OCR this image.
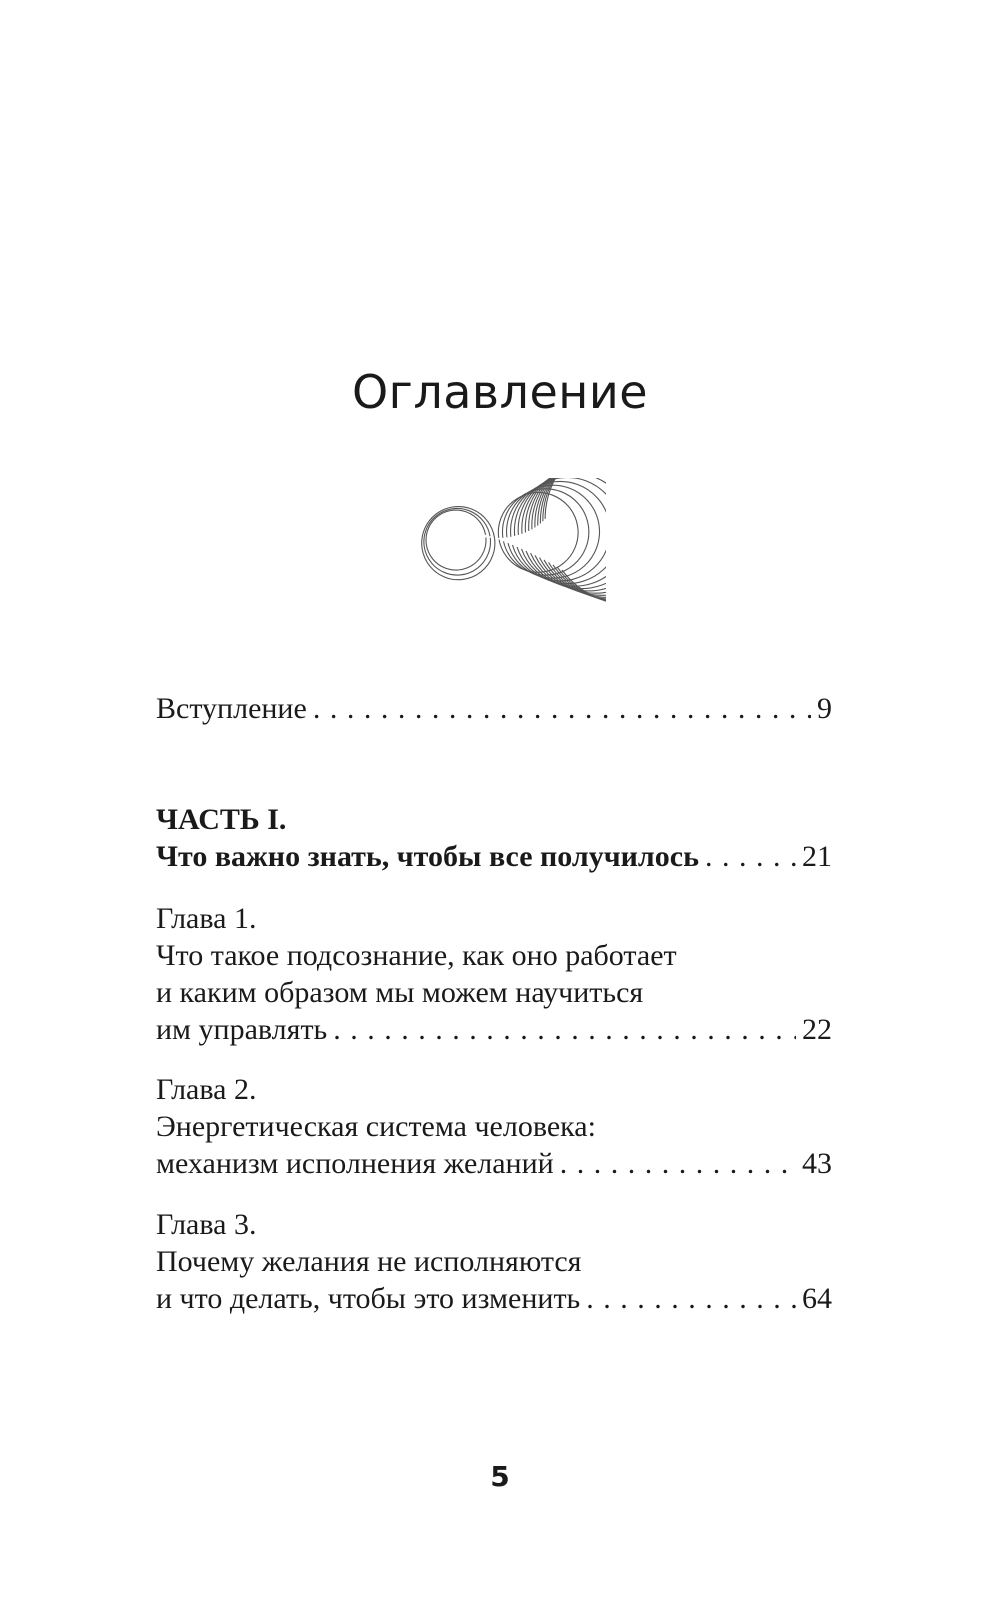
Оглавление
Вступление . . .	9
ЧАСТЬ I.
Что важно знать, чтобы все получилось . . .	21
Глава 1.
Что такое подсознание, как оно работает
и каким образом мы можем научиться
им управлять . . .	22
Глава 2.
Энергетическая система человека:
механизм исполнения желаний . . .	43
Глава 3.
Почему желания не исполняются
и что делать, чтобы это изменить . . .	64
5
